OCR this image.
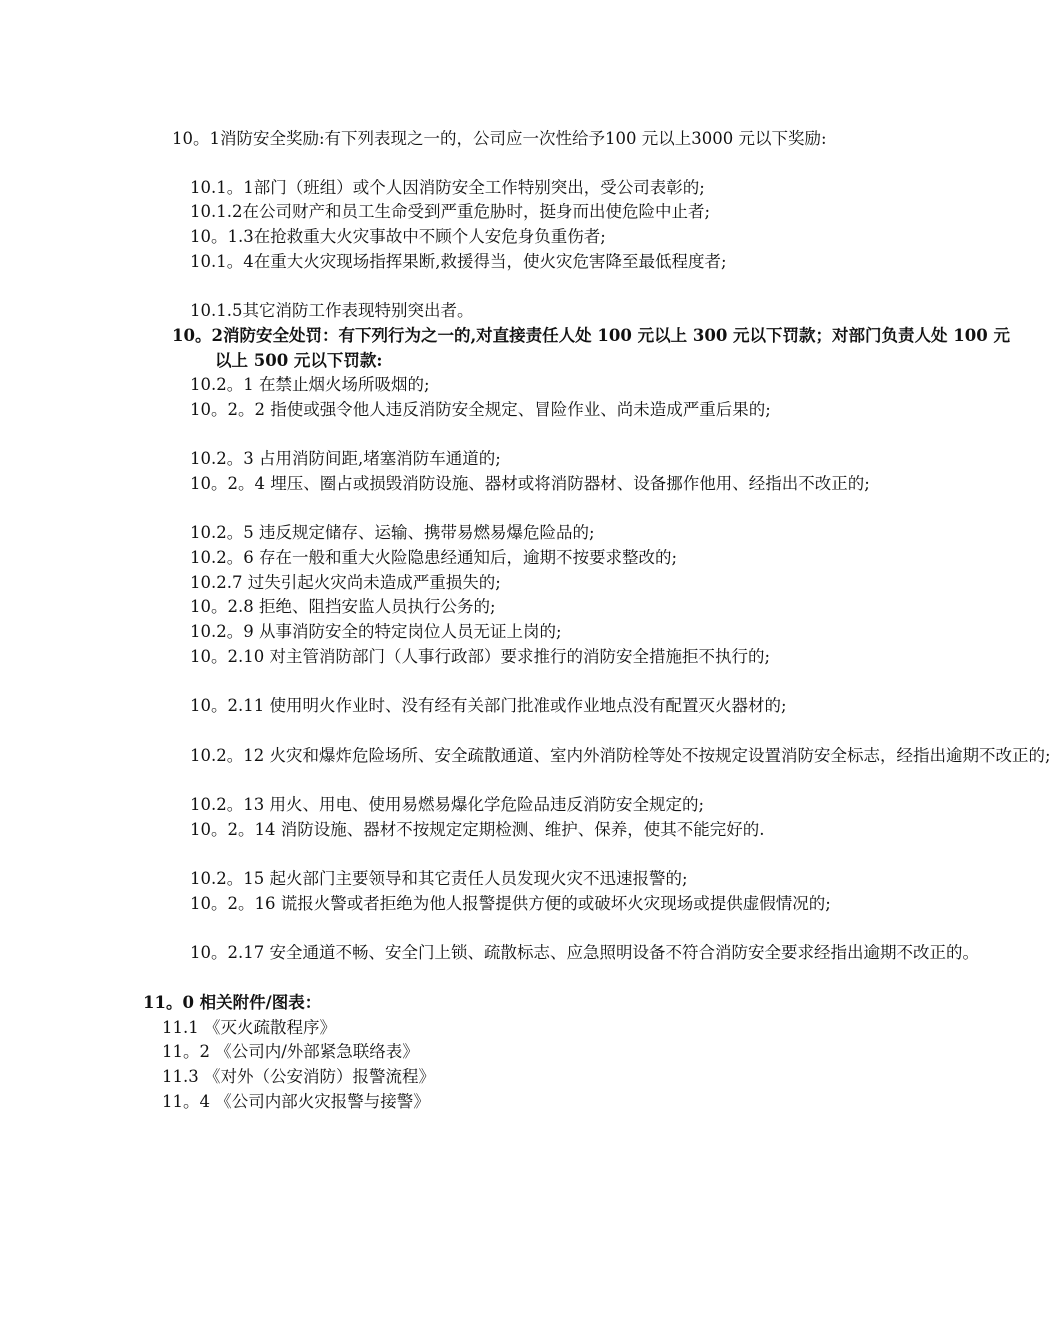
10。1消防安全奖励:有下列表现之一的，公司应一次性给予100 元以上3000 元以下奖励:

10.1。1部门（班组）或个人因消防安全工作特别突出，受公司表彰的;

10.1.2在公司财产和员工生命受到严重危胁时，挺身而出使危险中止者;

10。1.3在抢救重大火灾事故中不顾个人安危身负重伤者;

10.1。4在重大火灾现场指挥果断,救援得当，使火灾危害降至最低程度者;

10.1.5其它消防工作表现特别突出者。

10。2消防安全处罚：有下列行为之一的,对直接责任人处 100 元以上 300 元以下罚款；对部门负责人处 100 元以上 500 元以下罚款:

10.2。1 在禁止烟火场所吸烟的;

10。2。2 指使或强令他人违反消防安全规定、冒险作业、尚未造成严重后果的;

10.2。3 占用消防间距,堵塞消防车通道的;

10。2。4 埋压、圈占或损毁消防设施、器材或将消防器材、设备挪作他用、经指出不改正的;

10.2。5 违反规定储存、运输、携带易燃易爆危险品的;

10.2。6 存在一般和重大火险隐患经通知后，逾期不按要求整改的;

10.2.7 过失引起火灾尚未造成严重损失的;

10。2.8 拒绝、阻挡安监人员执行公务的;

10.2。9 从事消防安全的特定岗位人员无证上岗的;

10。2.10 对主管消防部门（人事行政部）要求推行的消防安全措施拒不执行的;

10。2.11 使用明火作业时、没有经有关部门批准或作业地点没有配置灭火器材的;

10.2。12 火灾和爆炸危险场所、安全疏散通道、室内外消防栓等处不按规定设置消防安全标志，经指出逾期不改正的;

10.2。13 用火、用电、使用易燃易爆化学危险品违反消防安全规定的;

10。2。14 消防设施、器材不按规定定期检测、维护、保养，使其不能完好的.

10.2。15 起火部门主要领导和其它责任人员发现火灾不迅速报警的;

10。2。16 谎报火警或者拒绝为他人报警提供方便的或破坏火灾现场或提供虚假情况的;

10。2.17 安全通道不畅、安全门上锁、疏散标志、应急照明设备不符合消防安全要求经指出逾期不改正的。

11。0 相关附件/图表：

11.1 《灭火疏散程序》

11。2 《公司内/外部紧急联络表》

11.3 《对外（公安消防）报警流程》

11。4 《公司内部火灾报警与接警》
